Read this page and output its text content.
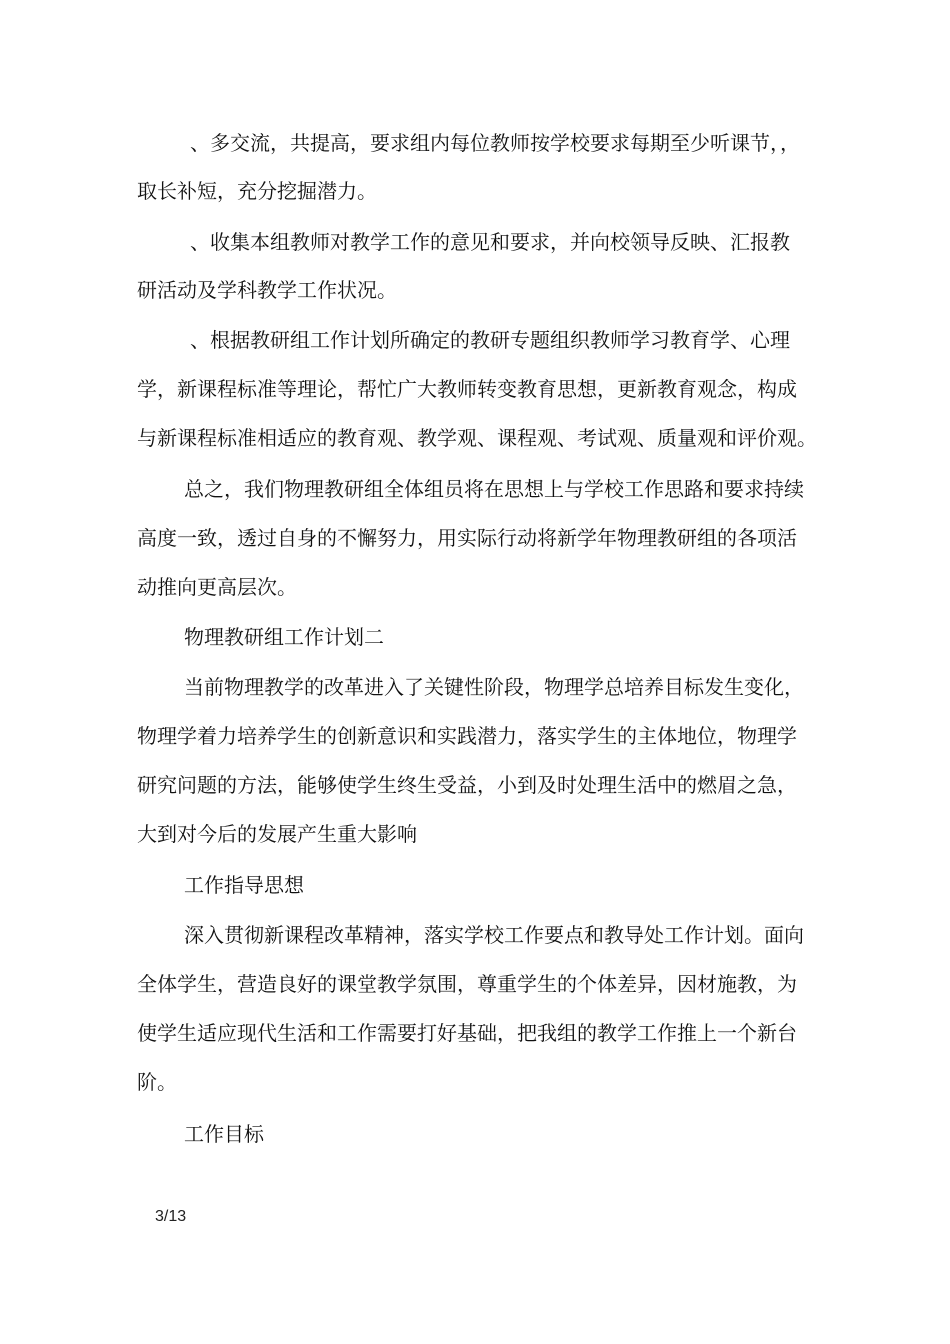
、多交流，共提高，要求组内每位教师按学校要求每期至少听课节，，
取长补短，充分挖掘潜力。
、收集本组教师对教学工作的意见和要求，并向校领导反映、汇报教
研活动及学科教学工作状况。
、根据教研组工作计划所确定的教研专题组织教师学习教育学、心理
学，新课程标准等理论，帮忙广大教师转变教育思想，更新教育观念，构成
与新课程标准相适应的教育观、教学观、课程观、考试观、质量观和评价观。
总之，我们物理教研组全体组员将在思想上与学校工作思路和要求持续
高度一致，透过自身的不懈努力，用实际行动将新学年物理教研组的各项活
动推向更高层次。
物理教研组工作计划二
当前物理教学的改革进入了关键性阶段，物理学总培养目标发生变化，
物理学着力培养学生的创新意识和实践潜力，落实学生的主体地位，物理学
研究问题的方法，能够使学生终生受益，小到及时处理生活中的燃眉之急，
大到对今后的发展产生重大影响
工作指导思想
深入贯彻新课程改革精神，落实学校工作要点和教导处工作计划。面向
全体学生，营造良好的课堂教学氛围，尊重学生的个体差异，因材施教，为
使学生适应现代生活和工作需要打好基础，把我组的教学工作推上一个新台
阶。
工作目标
3/13
